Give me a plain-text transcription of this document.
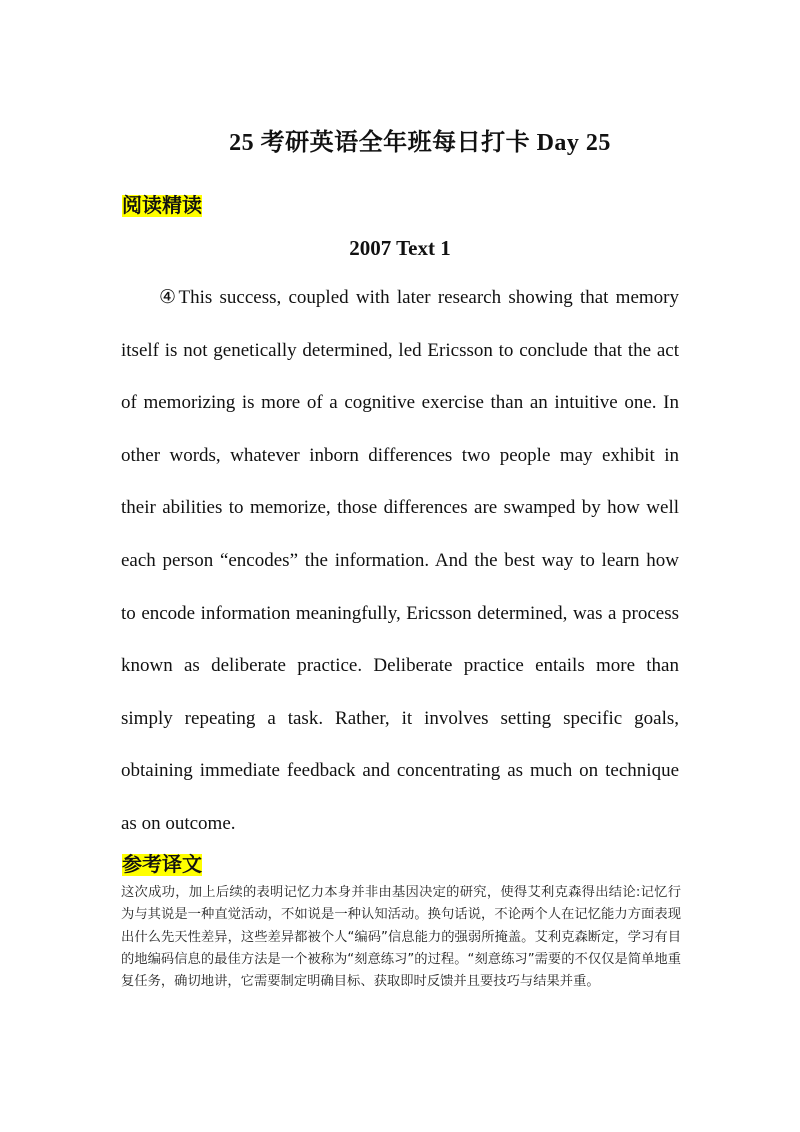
25 考研英语全年班每日打卡 Day 25
阅读精读
2007 Text 1
④This success, coupled with later research showing that memory
itself is not genetically determined, led Ericsson to conclude that the act
of memorizing is more of a cognitive exercise than an intuitive one. In
other words, whatever inborn differences two people may exhibit in
their abilities to memorize, those differences are swamped by how well
each person “encodes” the information. And the best way to learn how
to encode information meaningfully, Ericsson determined, was a process
known as deliberate practice. Deliberate practice entails more than
simply repeating a task. Rather, it involves setting specific goals,
obtaining immediate feedback and concentrating as much on technique
as on outcome.
参考译文

这次成功，加上后续的表明记忆力本身并非由基因决定的研究，使得艾利克森得出结论:记忆行为与其说是一种直觉活动，不如说是一种认知活动。换句话说，不论两个人在记忆能力方面表现出什么先天性差异，这些差异都被个人“编码”信息能力的强弱所掩盖。艾利克森断定，学习有目的地编码信息的最佳方法是一个被称为“刻意练习”的过程。“刻意练习”需要的不仅仅是简单地重复任务，确切地讲，它需要制定明确目标、获取即时反馈并且要技巧与结果并重。
